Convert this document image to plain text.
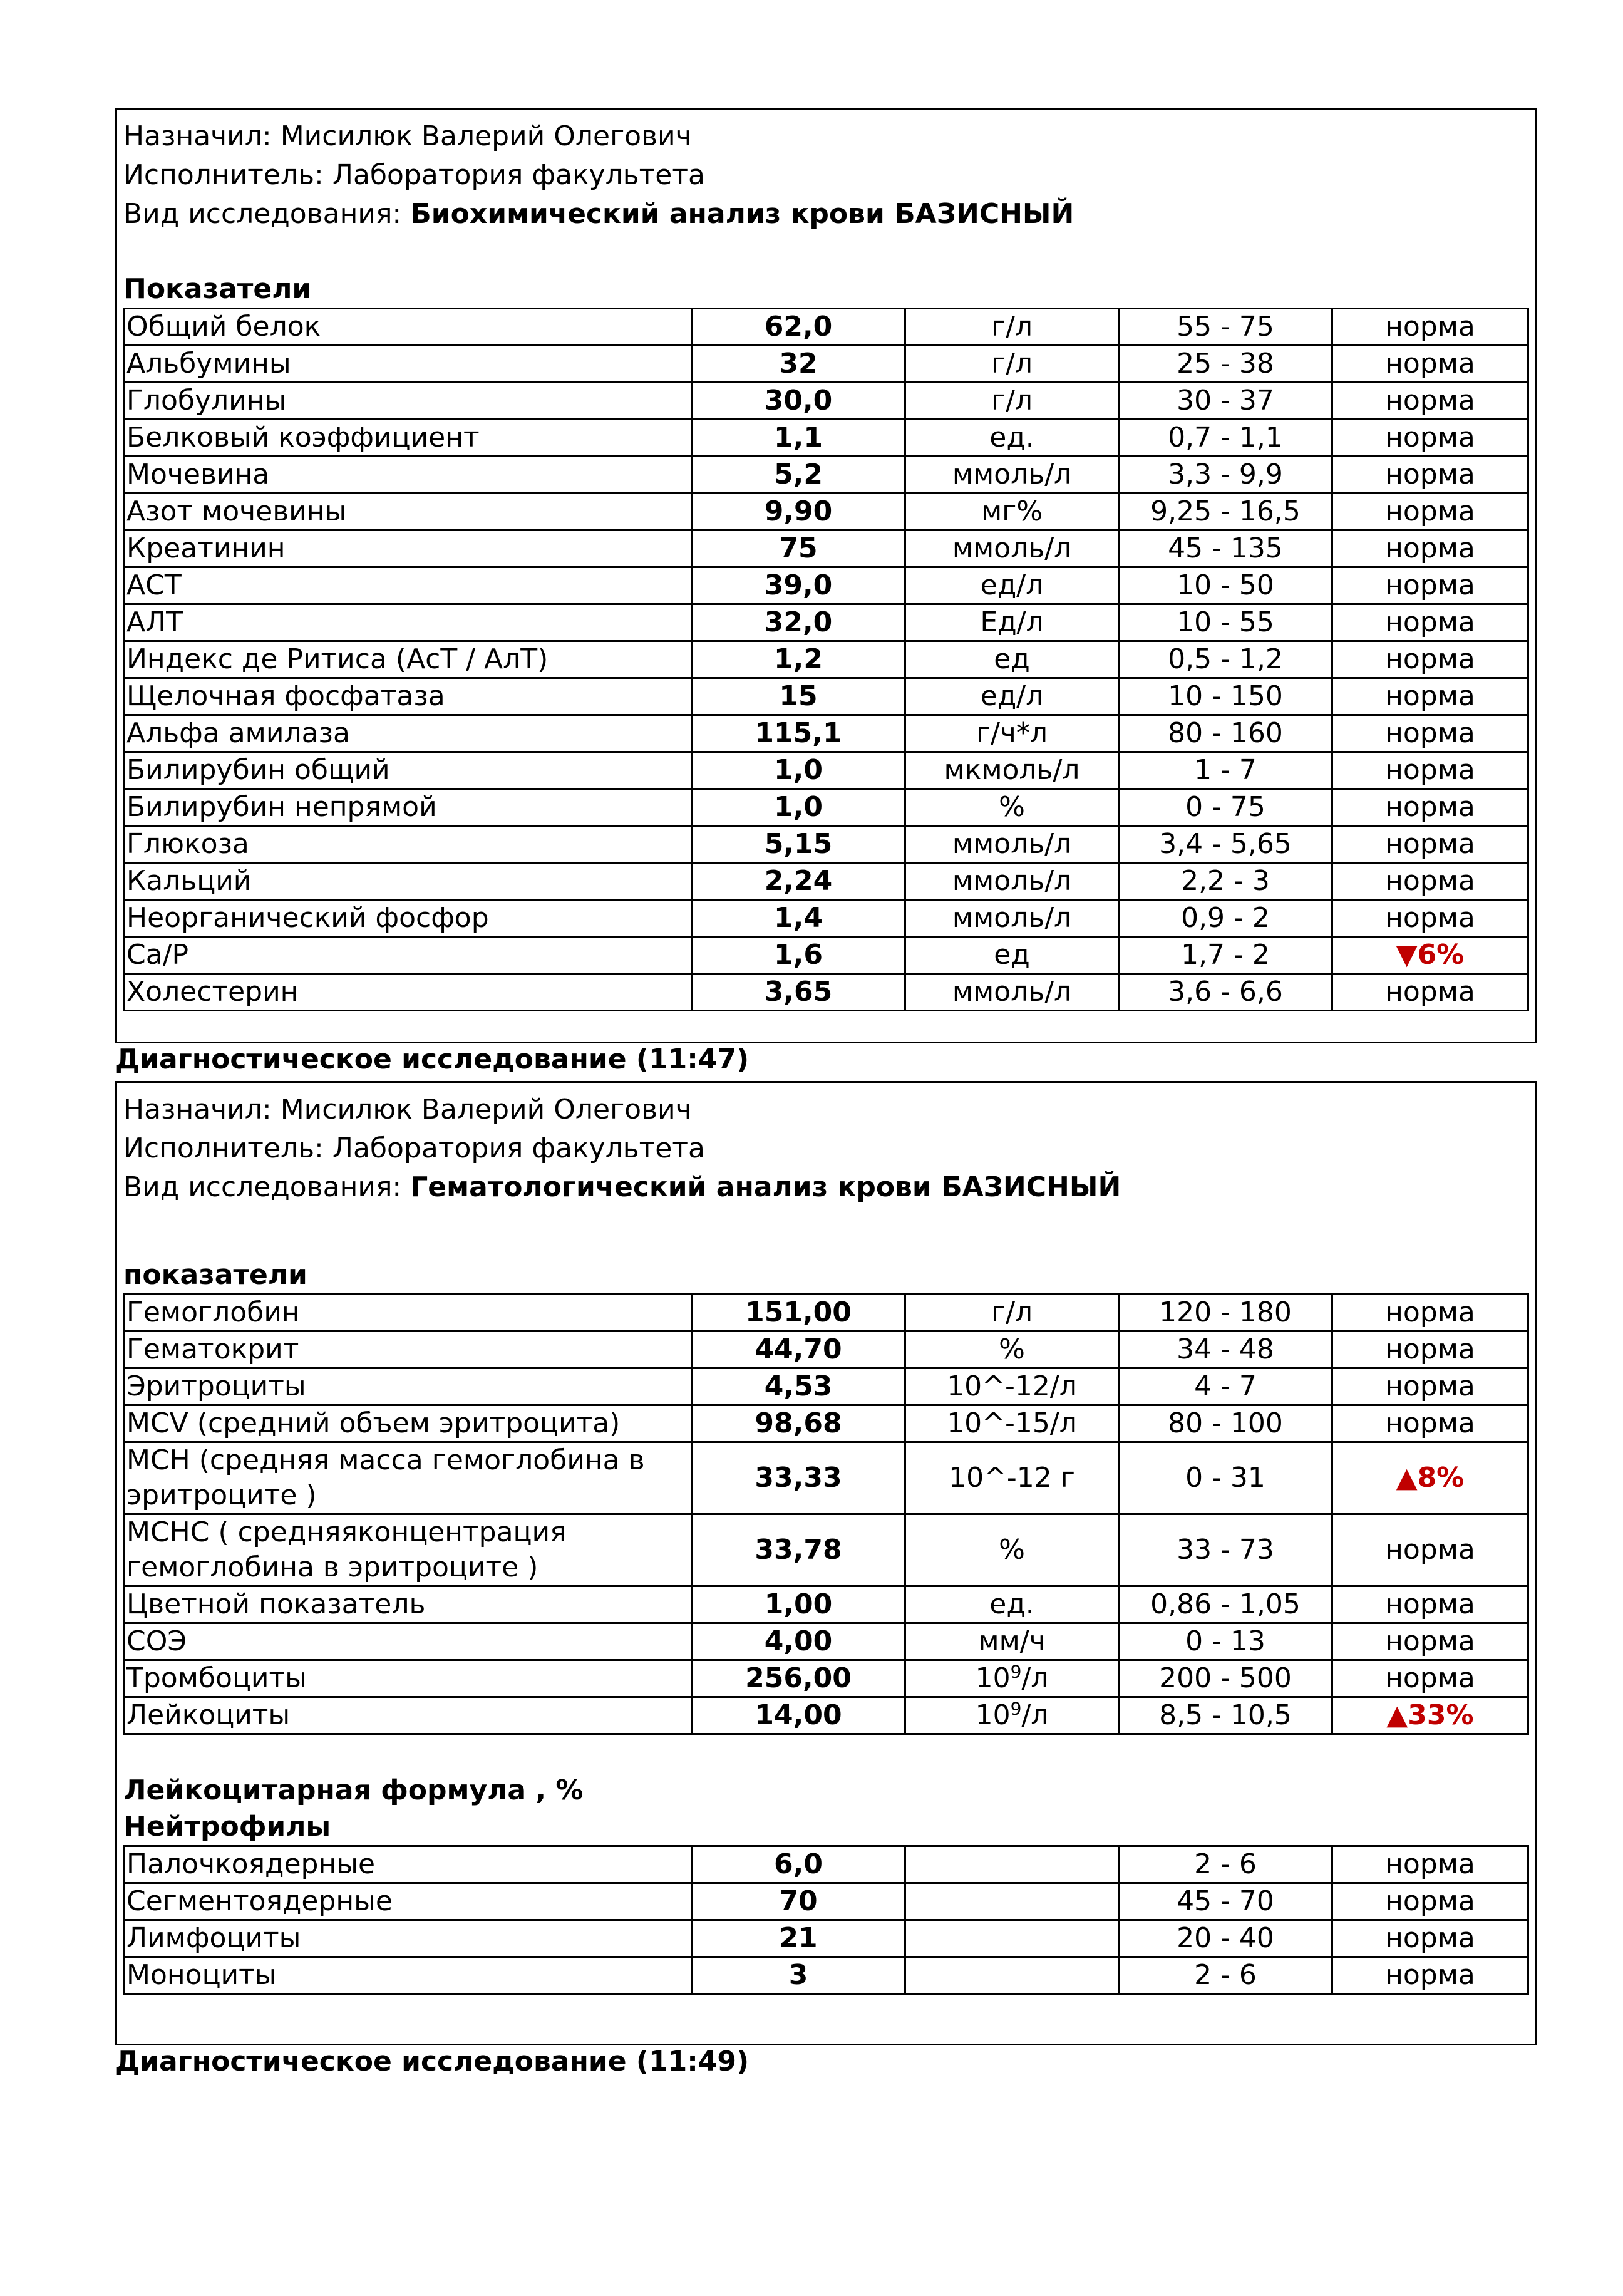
Назначил: Мисилюк Валерий Олегович
Исполнитель: Лаборатория факультета
Вид исследования: Биохимический анализ крови БАЗИСНЫЙ
Показатели
Общий белок	62,0	г/л	55 - 75	норма
Альбумины	32	г/л	25 - 38	норма
Глобулины	30,0	г/л	30 - 37	норма
Белковый коэффициент	1,1	ед.	0,7 - 1,1	норма
Мочевина	5,2	ммоль/л	3,3 - 9,9	норма
Азот мочевины	9,90	мг%	9,25 - 16,5	норма
Креатинин	75	ммоль/л	45 - 135	норма
АСТ	39,0	ед/л	10 - 50	норма
АЛТ	32,0	Ед/л	10 - 55	норма
Индекс де Ритиса (АсТ / АлТ)	1,2	ед	0,5 - 1,2	норма
Щелочная фосфатаза	15	ед/л	10 - 150	норма
Альфа амилаза	115,1	г/ч*л	80 - 160	норма
Билирубин общий	1,0	мкмоль/л	1 - 7	норма
Билирубин непрямой	1,0	%	0 - 75	норма
Глюкоза	5,15	ммоль/л	3,4 - 5,65	норма
Кальций	2,24	ммоль/л	2,2 - 3	норма
Неорганический фосфор	1,4	ммоль/л	0,9 - 2	норма
Ca/P	1,6	ед	1,7 - 2	▼6%
Холестерин	3,65	ммоль/л	3,6 - 6,6	норма
Диагностическое исследование (11:47)
Назначил: Мисилюк Валерий Олегович
Исполнитель: Лаборатория факультета
Вид исследования: Гематологический анализ крови БАЗИСНЫЙ
показатели
Гемоглобин	151,00	г/л	120 - 180	норма
Гематокрит	44,70	%	34 - 48	норма
Эритроциты	4,53	10^-12/л	4 - 7	норма
MCV (средний объем эритроцита)	98,68	10^-15/л	80 - 100	норма

MCH (средняя масса гемоглобина в
эритроците )	33,33	10^-12 г	0 - 31	▲8%

MCHC ( средняяконцентрация
гемоглобина в эритроците )	33,78	%	33 - 73	норма
Цветной показатель	1,00	ед.	0,86 - 1,05	норма
СОЭ	4,00	мм/ч	0 - 13	норма
Тромбоциты	256,00	$10^9/л$	200 - 500	норма
Лейкоциты	14,00	$10^9/л$	8,5 - 10,5	▲33%
Лейкоцитарная формула , %
Нейтрофилы
Палочкоядерные	6,0		2 - 6	норма
Сегментоядерные	70		45 - 70	норма
Лимфоциты	21		20 - 40	норма
Моноциты	3		2 - 6	норма
Диагностическое исследование (11:49)
